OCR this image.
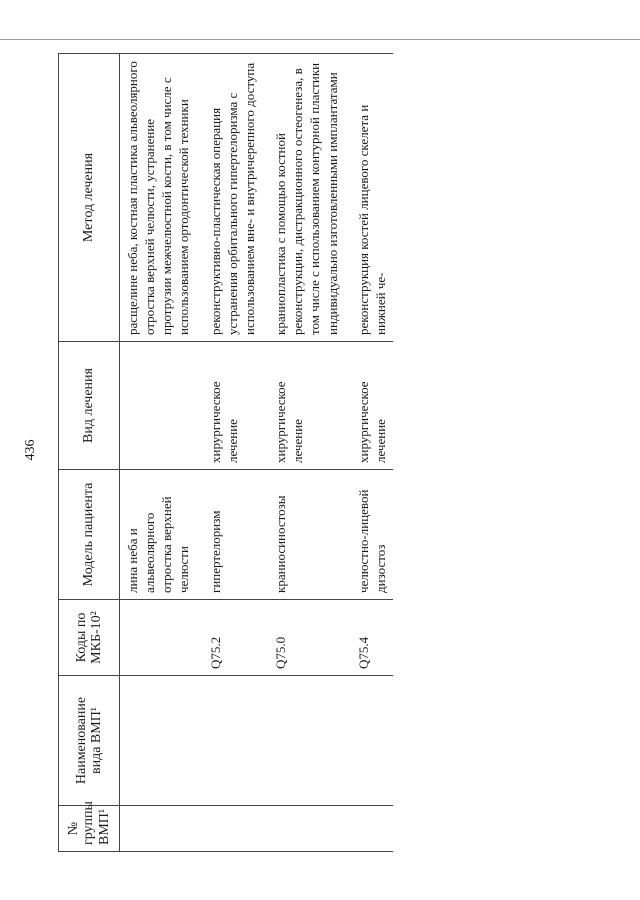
436
№ группы ВМП¹	Наименование вида ВМП¹	Коды по МКБ-10²	Модель пациента	Вид лечения	Метод лечения
			лина неба и альвеолярного отростка верхней челюсти		расщелине неба, костная пластика альвеолярного отростка верхней челюсти, устранение протрузии межчелюстной кости, в том числе с использованием ортодонтической техники
		Q75.2	гипертелоризм	хирургическое лечение	реконструктивно-пластическая операция устранения орбитального гипертелоризма с использованием вне- и внутричерепного доступа
		Q75.0	краниосиностозы	хирургическое лечение	краниопластика с помощью костной реконструкции, дистракционного остеогенеза, в том числе с использованием контурной пластики индивидуально изготовленными имплантатами
		Q75.4	челюстно-лицевой дизостоз	хирургическое лечение	реконструкция костей лицевого скелета и нижней че-
